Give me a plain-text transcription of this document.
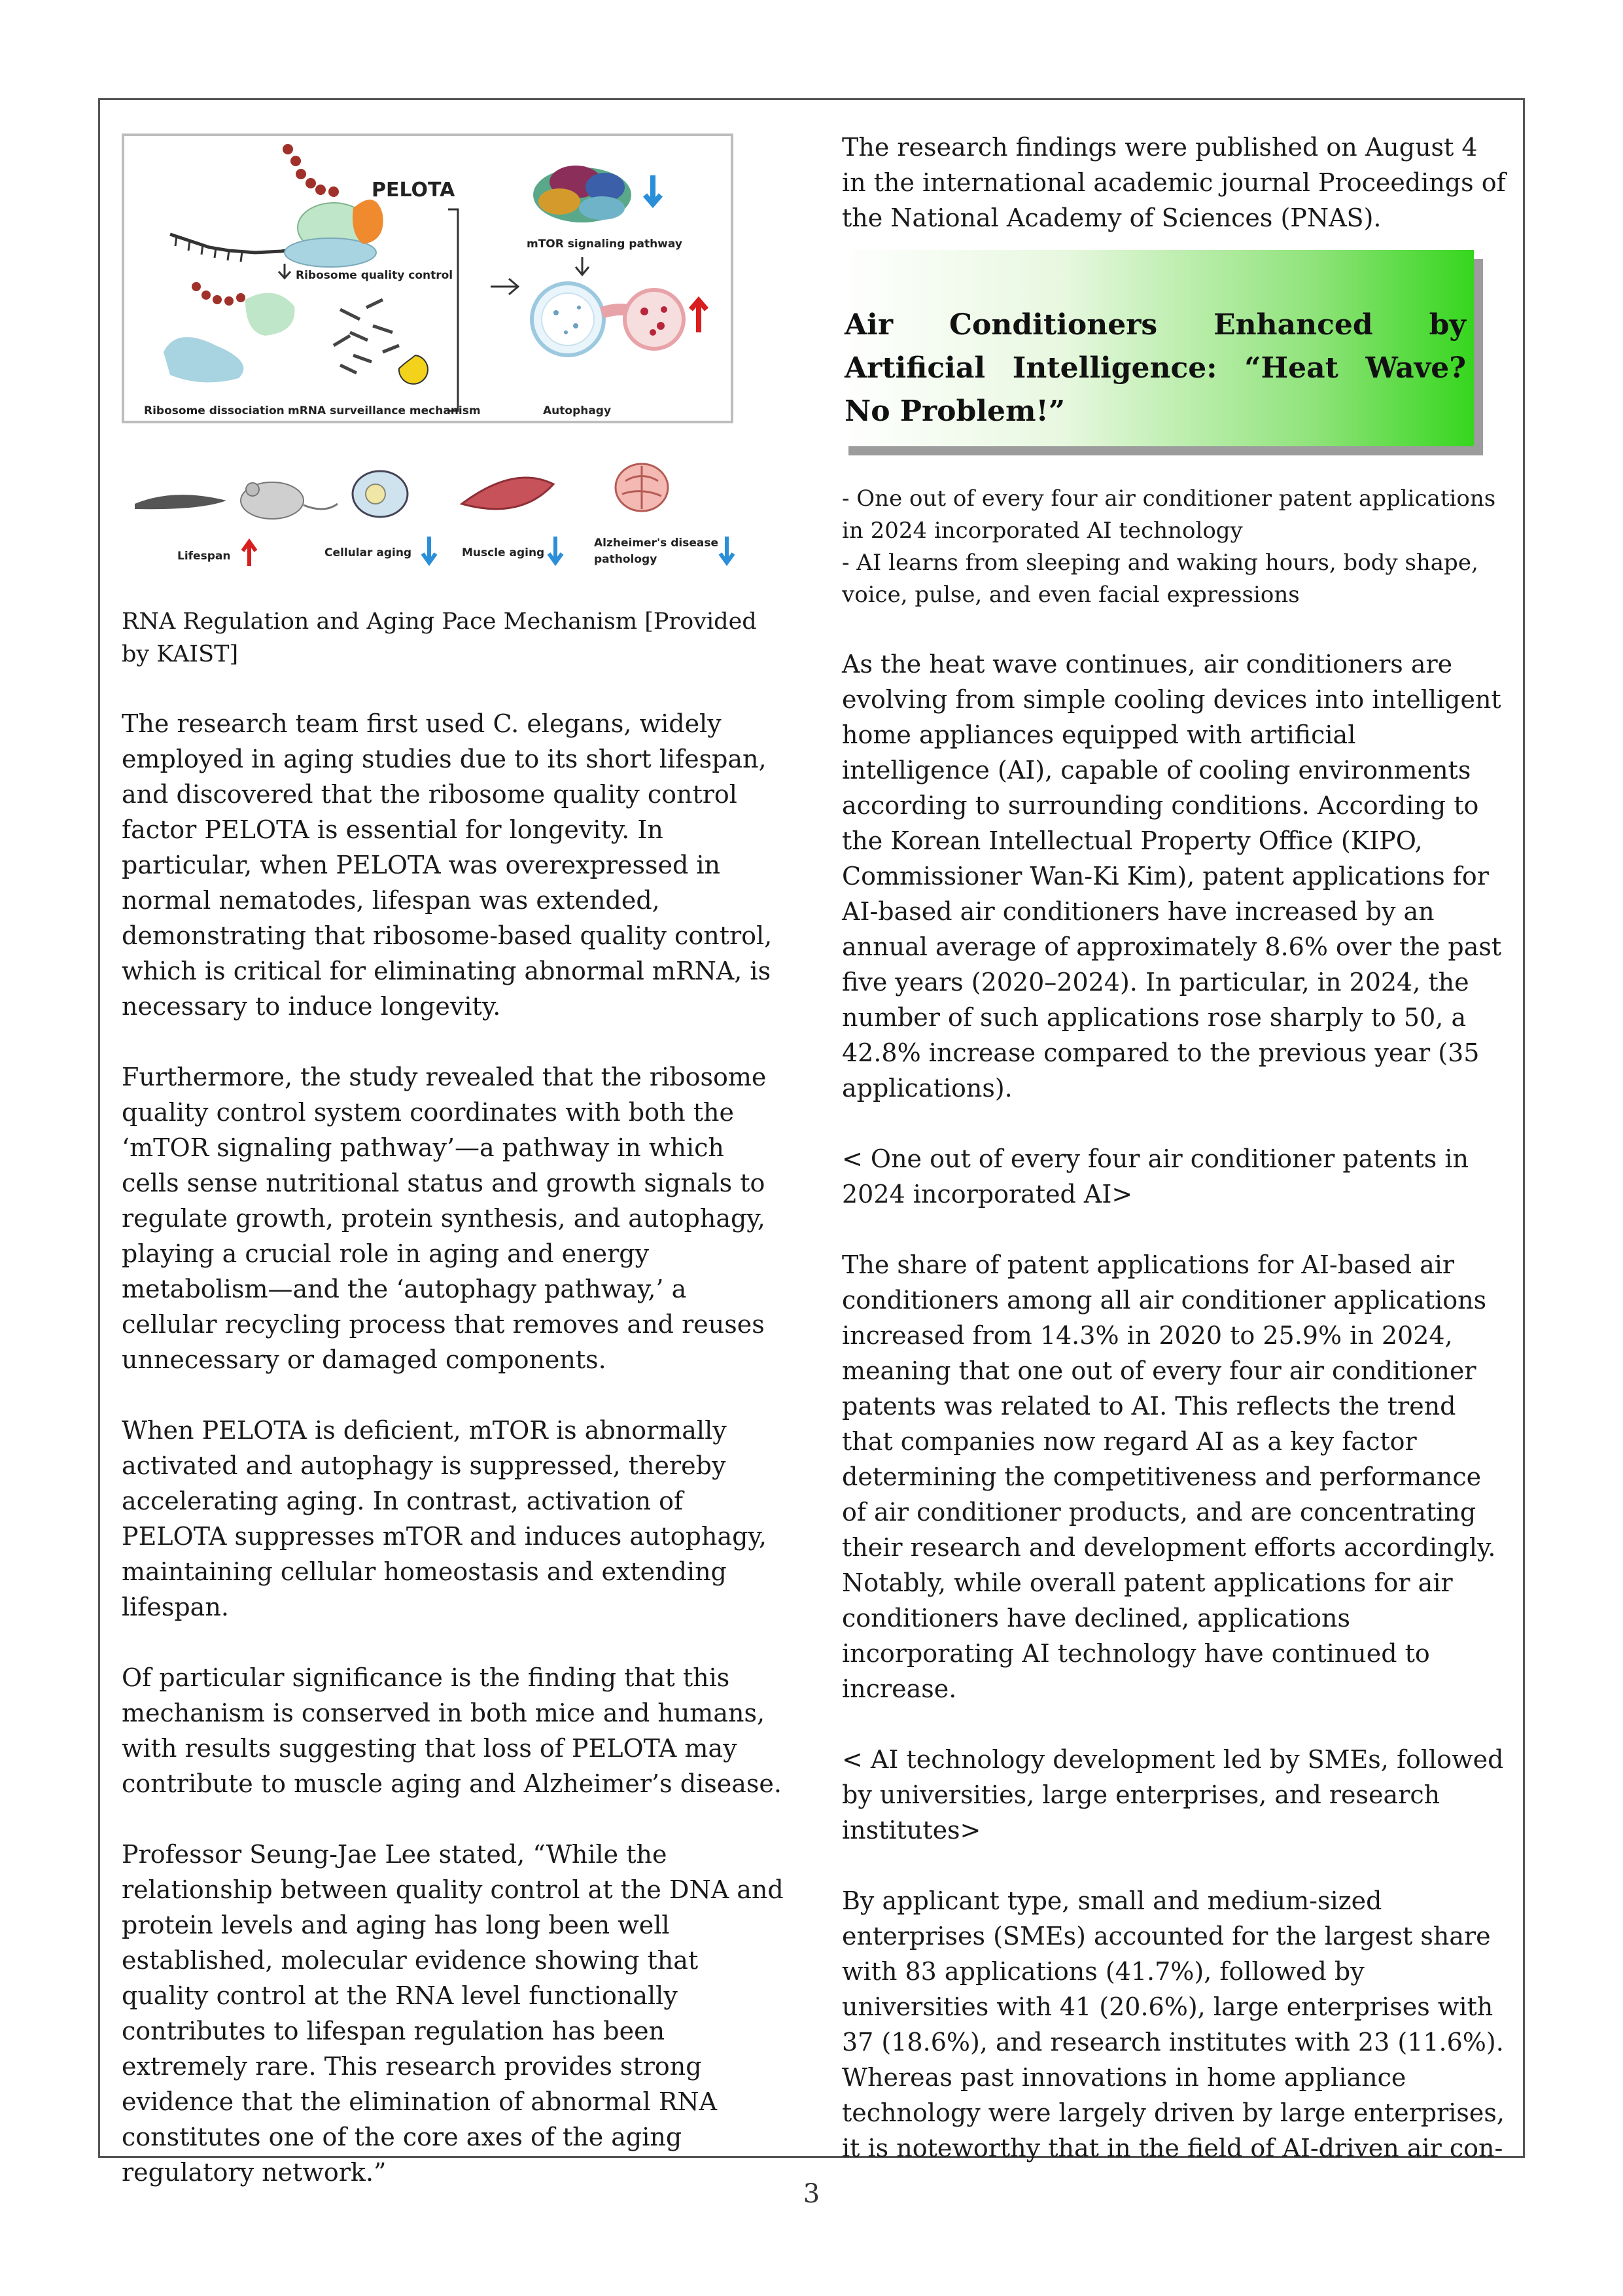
PELOTA
Ribosome quality control
Ribosome dissociation mRNA surveillance mechanism
mTOR signaling pathway
Autophagy
Lifespan	Cellular aging	Muscle aging
Alzheimer's disease
pathology

RNA Regulation and Aging Pace Mechanism [Provided by KAIST]

The research team first used C. elegans, widely employed in aging studies due to its short lifespan, and discovered that the ribosome quality control factor PELOTA is essential for longevity. In particular, when PELOTA was overexpressed in normal nematodes, lifespan was extended, demonstrating that ribosome-based quality control, which is critical for eliminating abnormal mRNA, is necessary to induce longevity.

Furthermore, the study revealed that the ribosome quality control system coordinates with both the ‘mTOR signaling pathway’—a pathway in which cells sense nutritional status and growth signals to regulate growth, protein synthesis, and autophagy, playing a crucial role in aging and energy metabolism—and the ‘autophagy pathway,’ a cellular recycling process that removes and reuses unnecessary or damaged components.

When PELOTA is deficient, mTOR is abnormally activated and autophagy is suppressed, thereby accelerating aging. In contrast, activation of PELOTA suppresses mTOR and induces autophagy, maintaining cellular homeostasis and extending lifespan.

Of particular significance is the finding that this mechanism is conserved in both mice and humans, with results suggesting that loss of PELOTA may contribute to muscle aging and Alzheimer’s disease.

Professor Seung-Jae Lee stated, “While the relationship between quality control at the DNA and protein levels and aging has long been well established, molecular evidence showing that quality control at the RNA level functionally contributes to lifespan regulation has been extremely rare. This research provides strong evidence that the elimination of abnormal RNA constitutes one of the core axes of the aging regulatory network.”

The research findings were published on August 4 in the international academic journal Proceedings of the National Academy of Sciences (PNAS).

Air Conditioners Enhanced by Artificial Intelligence: “Heat Wave? No Problem!”

- One out of every four air conditioner patent applications in 2024 incorporated AI technology

- AI learns from sleeping and waking hours, body shape, voice, pulse, and even facial expressions

As the heat wave continues, air conditioners are evolving from simple cooling devices into intelligent home appliances equipped with artificial intelligence (AI), capable of cooling environments according to surrounding conditions. According to the Korean Intellectual Property Office (KIPO, Commissioner Wan-Ki Kim), patent applications for AI-based air conditioners have increased by an annual average of approximately 8.6% over the past five years (2020–2024). In particular, in 2024, the number of such applications rose sharply to 50, a 42.8% increase compared to the previous year (35 applications).

< One out of every four air conditioner patents in 2024 incorporated AI>

The share of patent applications for AI-based air conditioners among all air conditioner applications increased from 14.3% in 2020 to 25.9% in 2024, meaning that one out of every four air conditioner patents was related to AI. This reflects the trend that companies now regard AI as a key factor determining the competitiveness and performance of air conditioner products, and are concentrating their research and development efforts accordingly. Notably, while overall patent applications for air conditioners have declined, applications incorporating AI technology have continued to increase.

< AI technology development led by SMEs, followed by universities, large enterprises, and research institutes>

By applicant type, small and medium-sized enterprises (SMEs) accounted for the largest share with 83 applications (41.7%), followed by universities with 41 (20.6%), large enterprises with 37 (18.6%), and research institutes with 23 (11.6%). Whereas past innovations in home appliance technology were largely driven by large enterprises, it is noteworthy that in the field of AI-driven air con-

3
